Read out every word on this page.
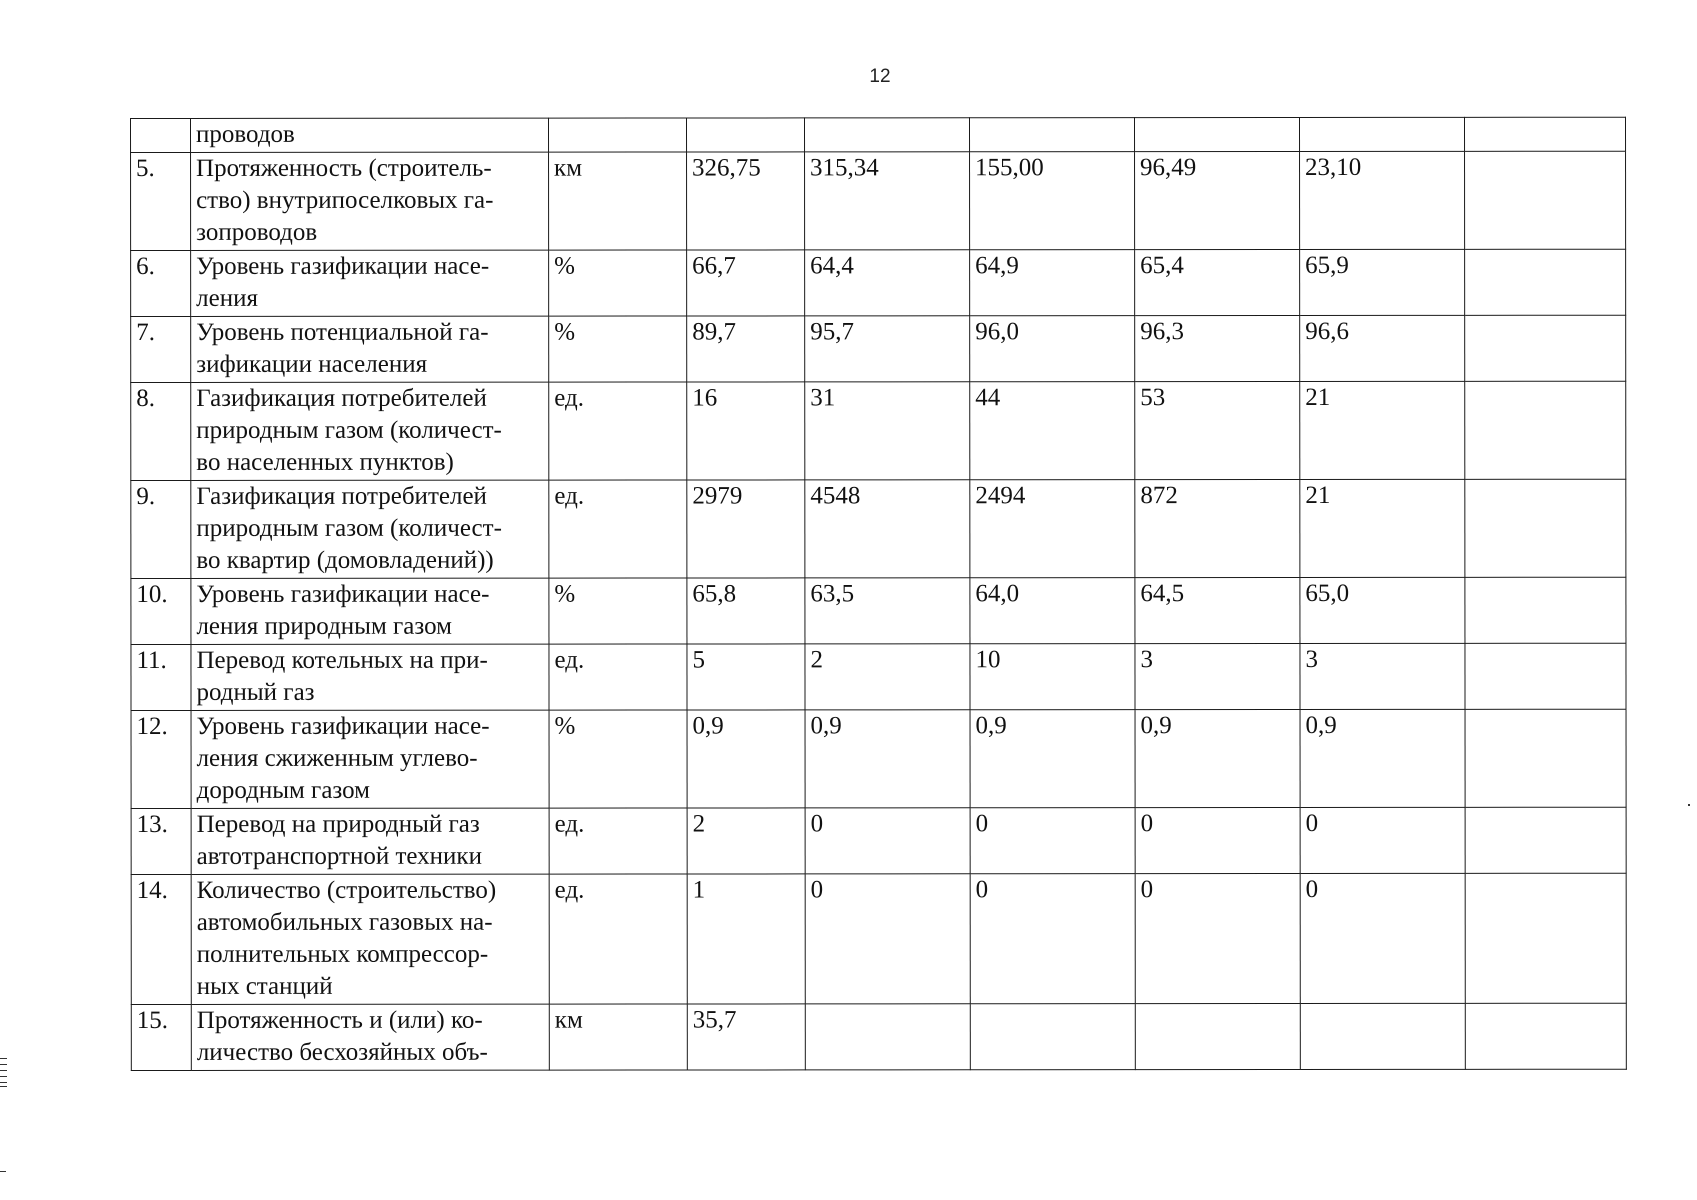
12

	проводов							

5.	Протяженность (строитель-
ство) внутрипоселковых га-
зопроводов	км	326,75	315,34	155,00	96,49	23,10	
6.	Уровень газификации насе-
ления	%	66,7	64,4	64,9	65,4	65,9	
7.	Уровень потенциальной га-
зификации населения	%	89,7	95,7	96,0	96,3	96,6	
8.	Газификация потребителей
природным газом (количест-
во населенных пунктов)	ед.	16	31	44	53	21	
9.	Газификация потребителей
природным газом (количест-
во квартир (домовладений))	ед.	2979	4548	2494	872	21	
10.	Уровень газификации насе-
ления природным газом	%	65,8	63,5	64,0	64,5	65,0	
11.	Перевод котельных на при-
родный газ	ед.	5	2	10	3	3	
12.	Уровень газификации насе-
ления сжиженным углево-
дородным газом	%	0,9	0,9	0,9	0,9	0,9	
13.	Перевод на природный газ
автотранспортной техники	ед.	2	0	0	0	0	
14.	Количество (строительство)
автомобильных газовых на-
полнительных компрессор-
ных станций	ед.	1	0	0	0	0	
15.	Протяженность и (или) ко-
личество бесхозяйных объ-	км	35,7					
